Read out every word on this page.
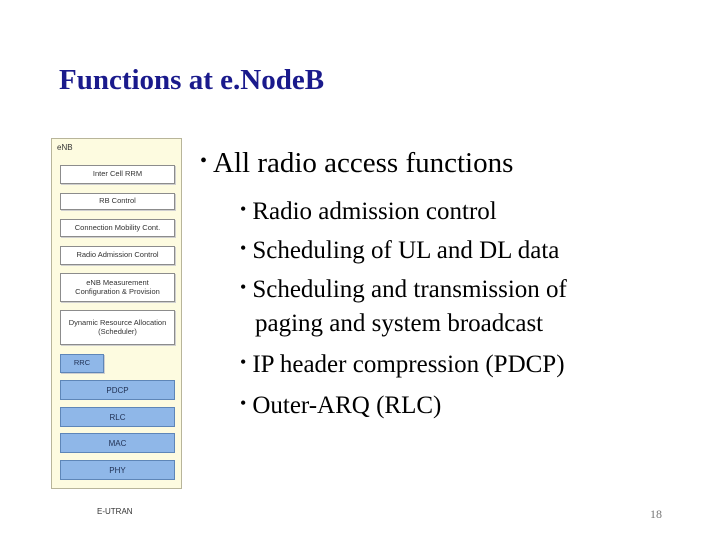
Functions at e.NodeB
eNB
Inter Cell RRM
RB Control
Connection Mobility Cont.
Radio Admission Control
eNB Measurement Configuration & Provision
Dynamic Resource Allocation (Scheduler)
RRC
PDCP
RLC
MAC
PHY
E-UTRAN
• All radio access functions
• Radio admission control
• Scheduling of UL and DL data
• Scheduling and transmission of
paging and system broadcast
• IP header compression (PDCP)
• Outer-ARQ (RLC)
18
